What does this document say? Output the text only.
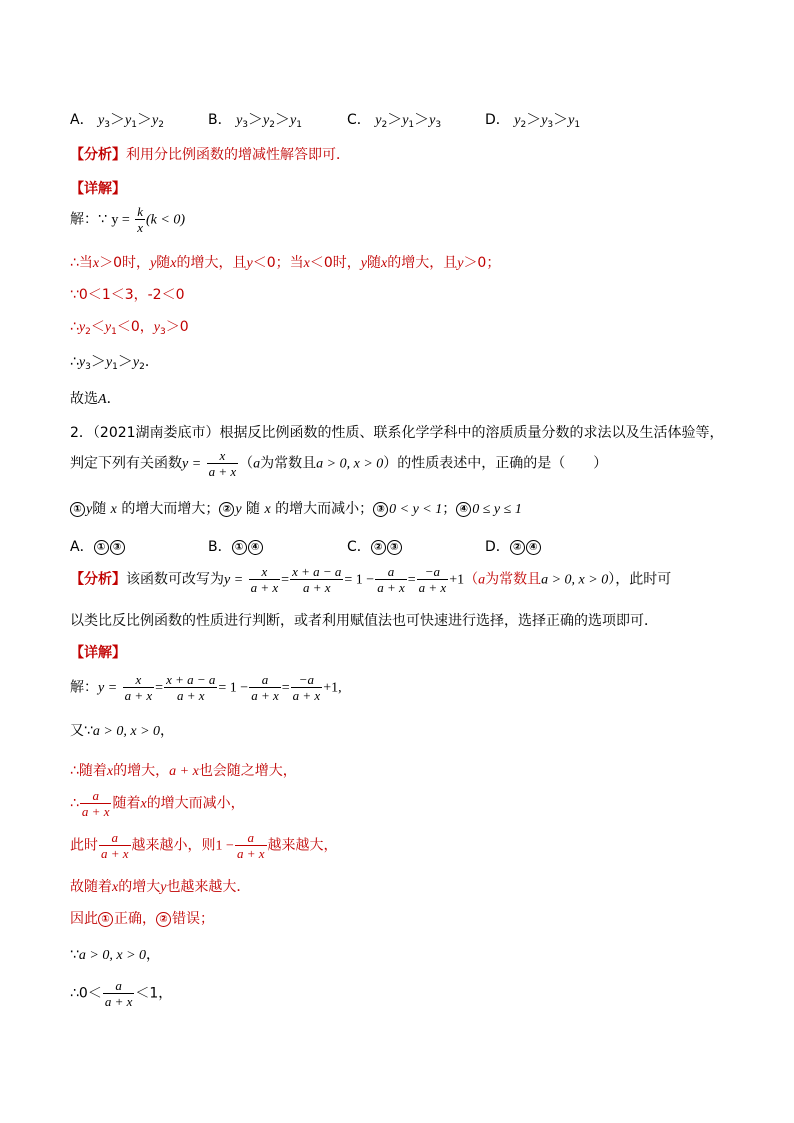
A． $y_3>y_1>y_2$	B． $y_3>y_2>y_1$	C． $y_2>y_1>y_3$	D． $y_2>y_3>y_1$
【分析】利用分比例函数的增减性解答即可．
【详解】
解：∵ $y = \frac{k}{x} (k < 0)$
∴当x＞0时，y随x的增大，且y＜0；当x＜0时，y随x的增大，且y＞0；
∵0＜1＜3，-2＜0
$\therefore y_2<y_1<0$，$y_3>0$
$\therefore y_3>y_1>y_2$．
故选A．
2．（2021湖南娄底市）根据反比例函数的性质、联系化学学科中的溶质质量分数的求法以及生活体验等，
判定下列有关函数$y = \frac{x}{a + x} (a$为常数且a > 0, x > 0）的性质表述中，正确的是（　　）
① y随 x 的增大而增大； ② y 随 x 的增大而减小； ③ 0 < y < 1； ④ 0 ≤ y ≤ 1
A． ① ③	B． ① ④	C． ② ③	D． ② ④
【分析】该函数可改写为$y = \frac{x}{a + x} = \frac{x + a - a}{a + x} = 1 - \frac{a}{a + x} = \frac{-a}{a + x} +1(a$为常数且a > 0, x > 0），此时可
以类比反比例函数的性质进行判断，或者利用赋值法也可快速进行选择，选择正确的选项即可．
【详解】
解：$y = \frac{x}{a + x} = \frac{x + a - a}{a + x} = 1 - \frac{a}{a + x} = \frac{-a}{a + x} +1$,
又∵a > 0, x > 0，
∴随着x的增大，a + x也会随之增大，
∴ $\frac{a}{a + x}$ 随着x的增大而减小，
此时 $\frac{a}{a + x}$ 越来越小，则$1 - \frac{a}{a + x}$ 越来越大，
故随着x的增大y也越来越大．
因此 ① 正确， ② 错误；
∵a > 0, x > 0，
∴0＜ $\frac{a}{a + x} <1$，
